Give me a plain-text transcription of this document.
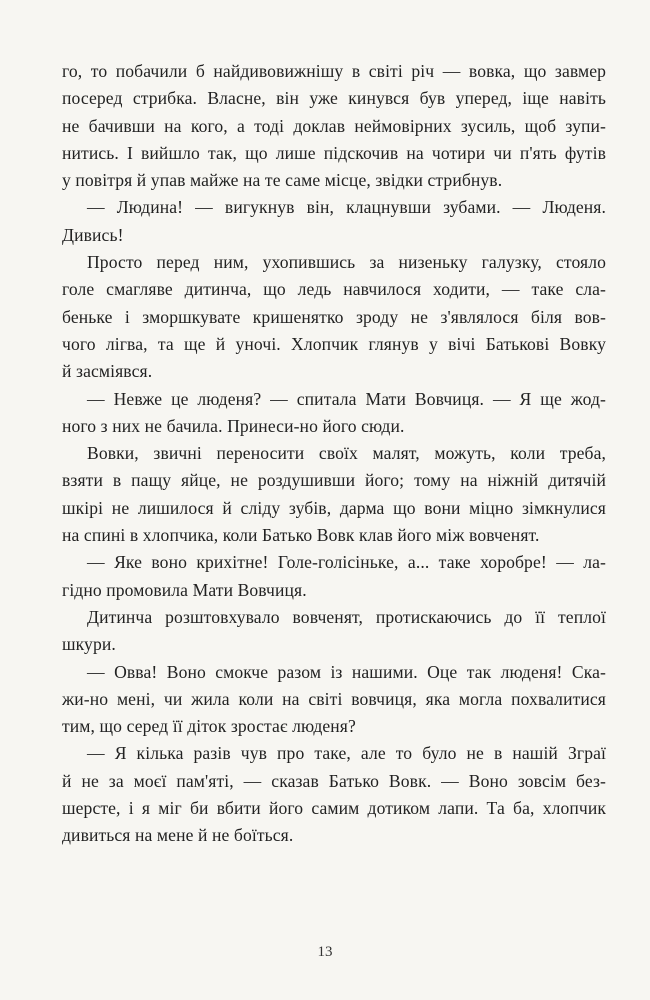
го, то побачили б найдивовижнішу в світі річ — вовка, що завмер
посеред стрибка. Власне, він уже кинувся був уперед, іще навіть
не бачивши на кого, а тоді доклав неймовірних зусиль, щоб зупи-
нитись. І вийшло так, що лише підскочив на чотири чи п'ять футів
у повітря й упав майже на те саме місце, звідки стрибнув.
— Людина! — вигукнув він, клацнувши зубами. — Люденя.
Дивись!
Просто перед ним, ухопившись за низеньку галузку, стояло
голе смагляве дитинча, що ледь навчилося ходити, — таке сла-
беньке і зморшкувате кришенятко зроду не з'являлося біля вов-
чого лігва, та ще й уночі. Хлопчик глянув у вічі Батькові Вовку
й засміявся.
— Невже це люденя? — спитала Мати Вовчиця. — Я ще жод-
ного з них не бачила. Принеси-но його сюди.
Вовки, звичні переносити своїх малят, можуть, коли треба,
взяти в пащу яйце, не роздушивши його; тому на ніжній дитячій
шкірі не лишилося й сліду зубів, дарма що вони міцно зімкнулися
на спині в хлопчика, коли Батько Вовк клав його між вовченят.
— Яке воно крихітне! Голе-голісіньке, а... таке хоробре! — ла-
гідно промовила Мати Вовчиця.
Дитинча розштовхувало вовченят, протискаючись до її теплої
шкури.
— Овва! Воно смокче разом із нашими. Оце так люденя! Ска-
жи-но мені, чи жила коли на світі вовчиця, яка могла похвалитися
тим, що серед її діток зростає люденя?
— Я кілька разів чув про таке, але то було не в нашій Зграї
й не за моєї пам'яті, — сказав Батько Вовк. — Воно зовсім без-
шерсте, і я міг би вбити його самим дотиком лапи. Та ба, хлопчик
дивиться на мене й не боїться.
13
